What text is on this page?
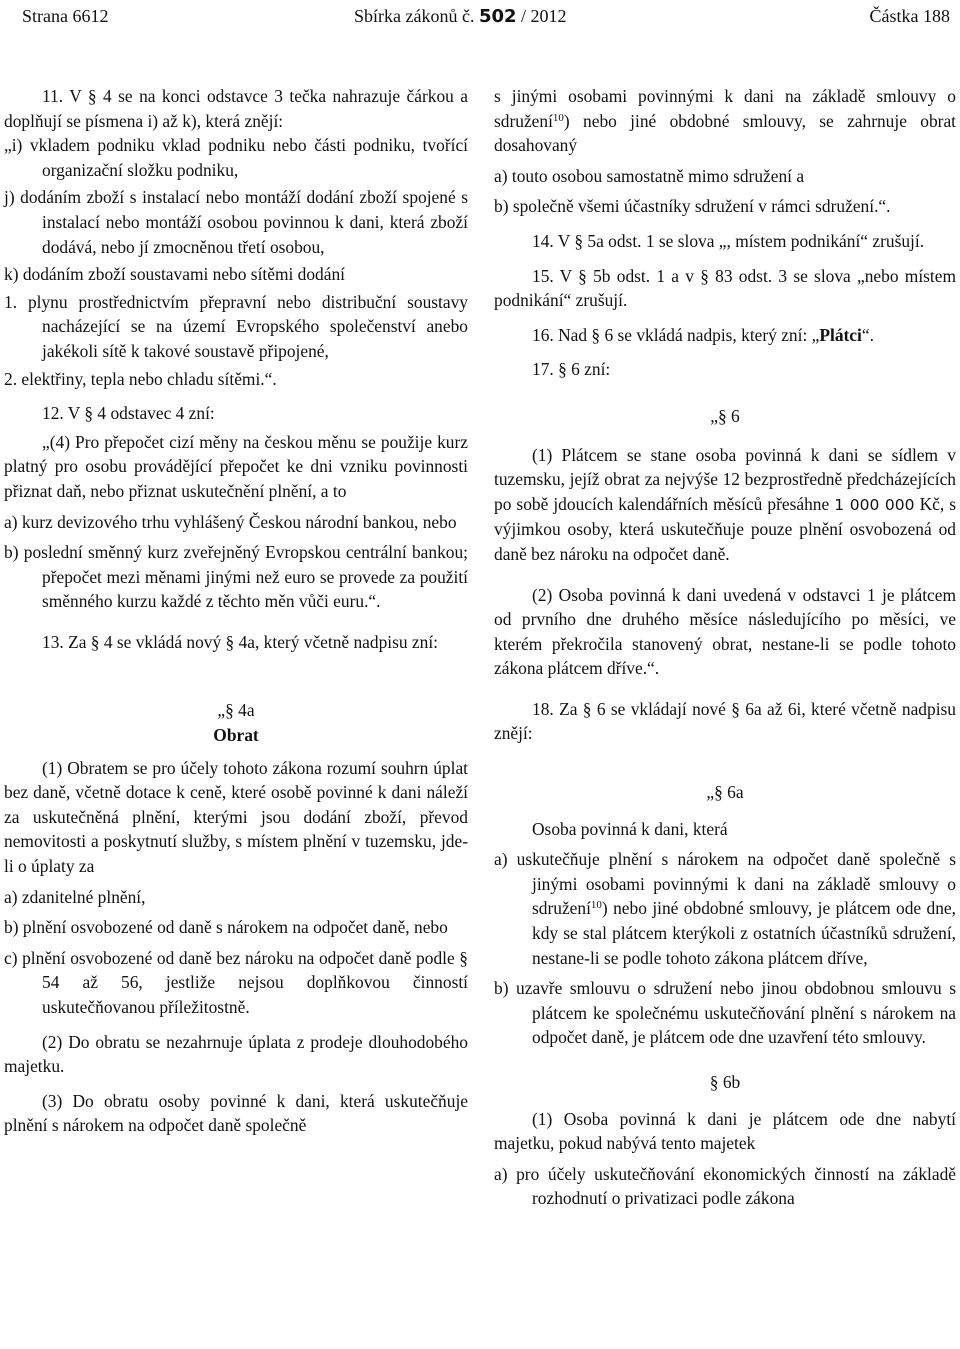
Strana 6612	Sbírka zákonů č. 502 / 2012	Částka 188

11. V § 4 se na konci odstavce 3 tečka nahrazuje čárkou a doplňují se písmena i) až k), která znějí:

„i) vkladem podniku vklad podniku nebo části podniku, tvořící organizační složku podniku,

j) dodáním zboží s instalací nebo montáží dodání zboží spojené s instalací nebo montáží osobou povinnou k dani, která zboží dodává, nebo jí zmocněnou třetí osobou,

k) dodáním zboží soustavami nebo sítěmi dodání

1. plynu prostřednictvím přepravní nebo distribuční soustavy nacházející se na území Evropského společenství anebo jakékoli sítě k takové soustavě připojené,

2. elektřiny, tepla nebo chladu sítěmi.“.

12. V § 4 odstavec 4 zní:

„(4) Pro přepočet cizí měny na českou měnu se použije kurz platný pro osobu provádějící přepočet ke dni vzniku povinnosti přiznat daň, nebo přiznat uskutečnění plnění, a to

a) kurz devizového trhu vyhlášený Českou národní bankou, nebo

b) poslední směnný kurz zveřejněný Evropskou centrální bankou; přepočet mezi měnami jinými než euro se provede za použití směnného kurzu každé z těchto měn vůči euru.“.

13. Za § 4 se vkládá nový § 4a, který včetně nadpisu zní:

„§ 4a

Obrat

(1) Obratem se pro účely tohoto zákona rozumí souhrn úplat bez daně, včetně dotace k ceně, které osobě povinné k dani náleží za uskutečněná plnění, kterými jsou dodání zboží, převod nemovitosti a poskytnutí služby, s místem plnění v tuzemsku, jde-li o úplaty za

a) zdanitelné plnění,

b) plnění osvobozené od daně s nárokem na odpočet daně, nebo

c) plnění osvobozené od daně bez nároku na odpočet daně podle § 54 až 56, jestliže nejsou doplňkovou činností uskutečňovanou příležitostně.

(2) Do obratu se nezahrnuje úplata z prodeje dlouhodobého majetku.

(3) Do obratu osoby povinné k dani, která uskutečňuje plnění s nárokem na odpočet daně společně

s jinými osobami povinnými k dani na základě smlouvy o sdružení$^{10}$) nebo jiné obdobné smlouvy, se zahrnuje obrat dosahovaný

a) touto osobou samostatně mimo sdružení a

b) společně všemi účastníky sdružení v rámci sdružení.“.

14. V § 5a odst. 1 se slova „, místem podnikání“ zrušují.

15. V § 5b odst. 1 a v § 83 odst. 3 se slova „nebo místem podnikání“ zrušují.

16. Nad § 6 se vkládá nadpis, který zní: „Plátci“.

17. § 6 zní:

„§ 6

(1) Plátcem se stane osoba povinná k dani se sídlem v tuzemsku, jejíž obrat za nejvýše 12 bezprostředně předcházejících po sobě jdoucích kalendářních měsíců přesáhne 1 000 000 Kč, s výjimkou osoby, která uskutečňuje pouze plnění osvobozená od daně bez nároku na odpočet daně.

(2) Osoba povinná k dani uvedená v odstavci 1 je plátcem od prvního dne druhého měsíce následujícího po měsíci, ve kterém překročila stanovený obrat, nestane-li se podle tohoto zákona plátcem dříve.“.

18. Za § 6 se vkládají nové § 6a až 6i, které včetně nadpisu znějí:

„§ 6a

Osoba povinná k dani, která

a) uskutečňuje plnění s nárokem na odpočet daně společně s jinými osobami povinnými k dani na základě smlouvy o sdružení$^{10}$) nebo jiné obdobné smlouvy, je plátcem ode dne, kdy se stal plátcem kterýkoli z ostatních účastníků sdružení, nestane-li se podle tohoto zákona plátcem dříve,

b) uzavře smlouvu o sdružení nebo jinou obdobnou smlouvu s plátcem ke společnému uskutečňování plnění s nárokem na odpočet daně, je plátcem ode dne uzavření této smlouvy.

§ 6b

(1) Osoba povinná k dani je plátcem ode dne nabytí majetku, pokud nabývá tento majetek

a) pro účely uskutečňování ekonomických činností na základě rozhodnutí o privatizaci podle zákona
